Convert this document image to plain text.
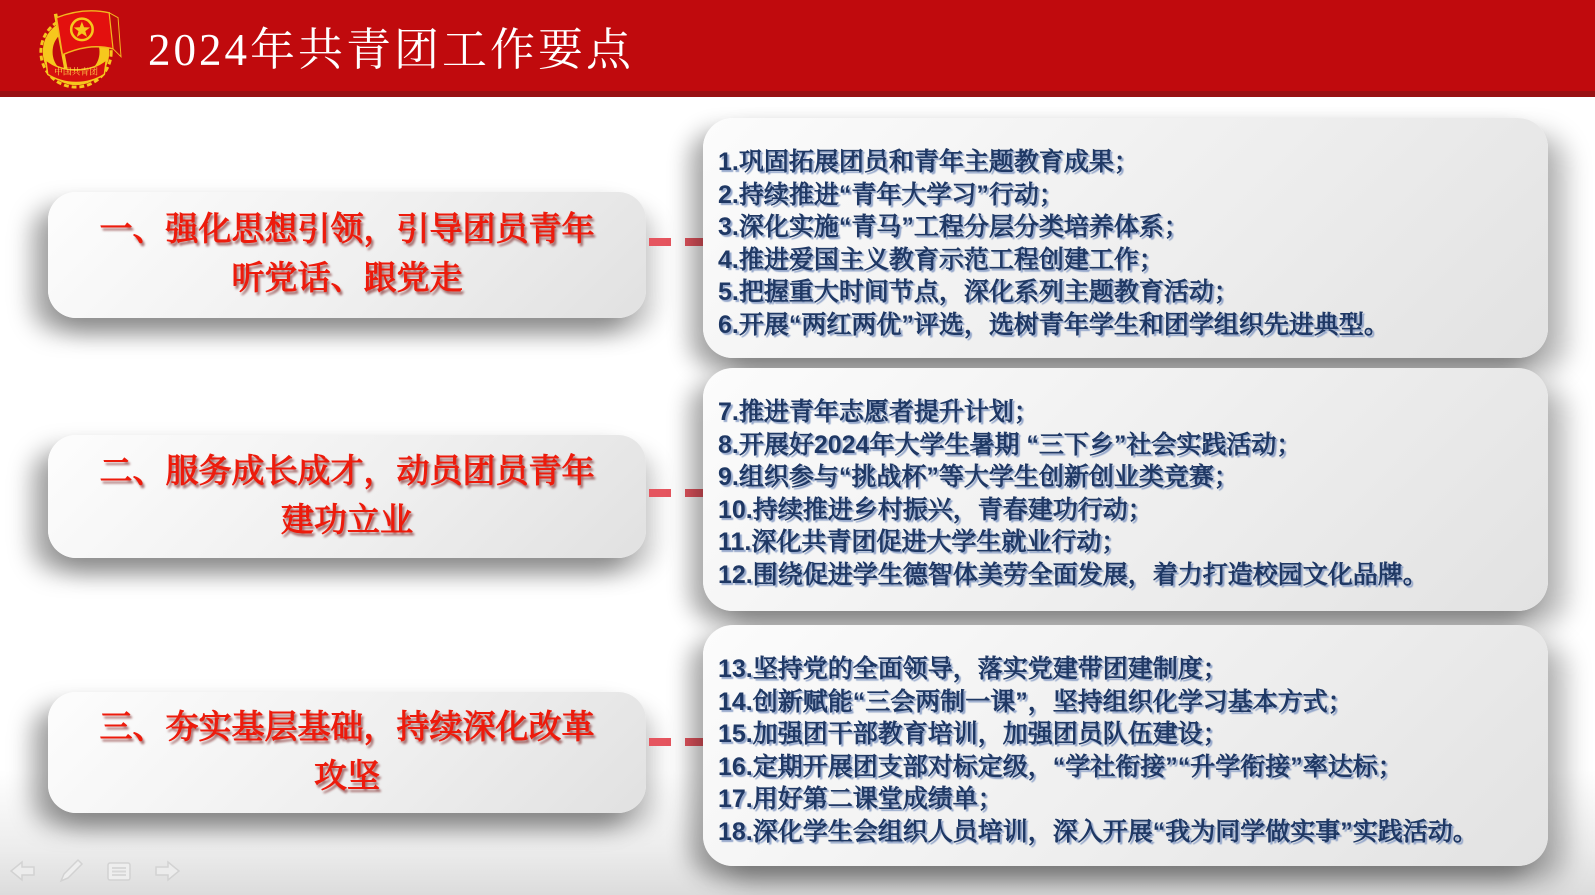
中国共青团 2024年共青团工作要点
一、强化思想引领，引导团员青年
听党话、跟党走
1.巩固拓展团员和青年主题教育成果；
2.持续推进“青年大学习”行动；
3.深化实施“青马”工程分层分类培养体系；
4.推进爱国主义教育示范工程创建工作；
5.把握重大时间节点，深化系列主题教育活动；
6.开展“两红两优”评选，选树青年学生和团学组织先进典型。
二、服务成长成才，动员团员青年
建功立业
7.推进青年志愿者提升计划；
8.开展好2024年大学生暑期 “三下乡”社会实践活动；
9.组织参与“挑战杯”等大学生创新创业类竞赛；
10.持续推进乡村振兴，青春建功行动；
11.深化共青团促进大学生就业行动；
12.围绕促进学生德智体美劳全面发展，着力打造校园文化品牌。
三、夯实基层基础，持续深化改革
攻坚
13.坚持党的全面领导，落实党建带团建制度；
14.创新赋能“三会两制一课”，坚持组织化学习基本方式；
15.加强团干部教育培训，加强团员队伍建设；
16.定期开展团支部对标定级，“学社衔接”“升学衔接”率达标；
17.用好第二课堂成绩单；
18.深化学生会组织人员培训，深入开展“我为同学做实事”实践活动。
